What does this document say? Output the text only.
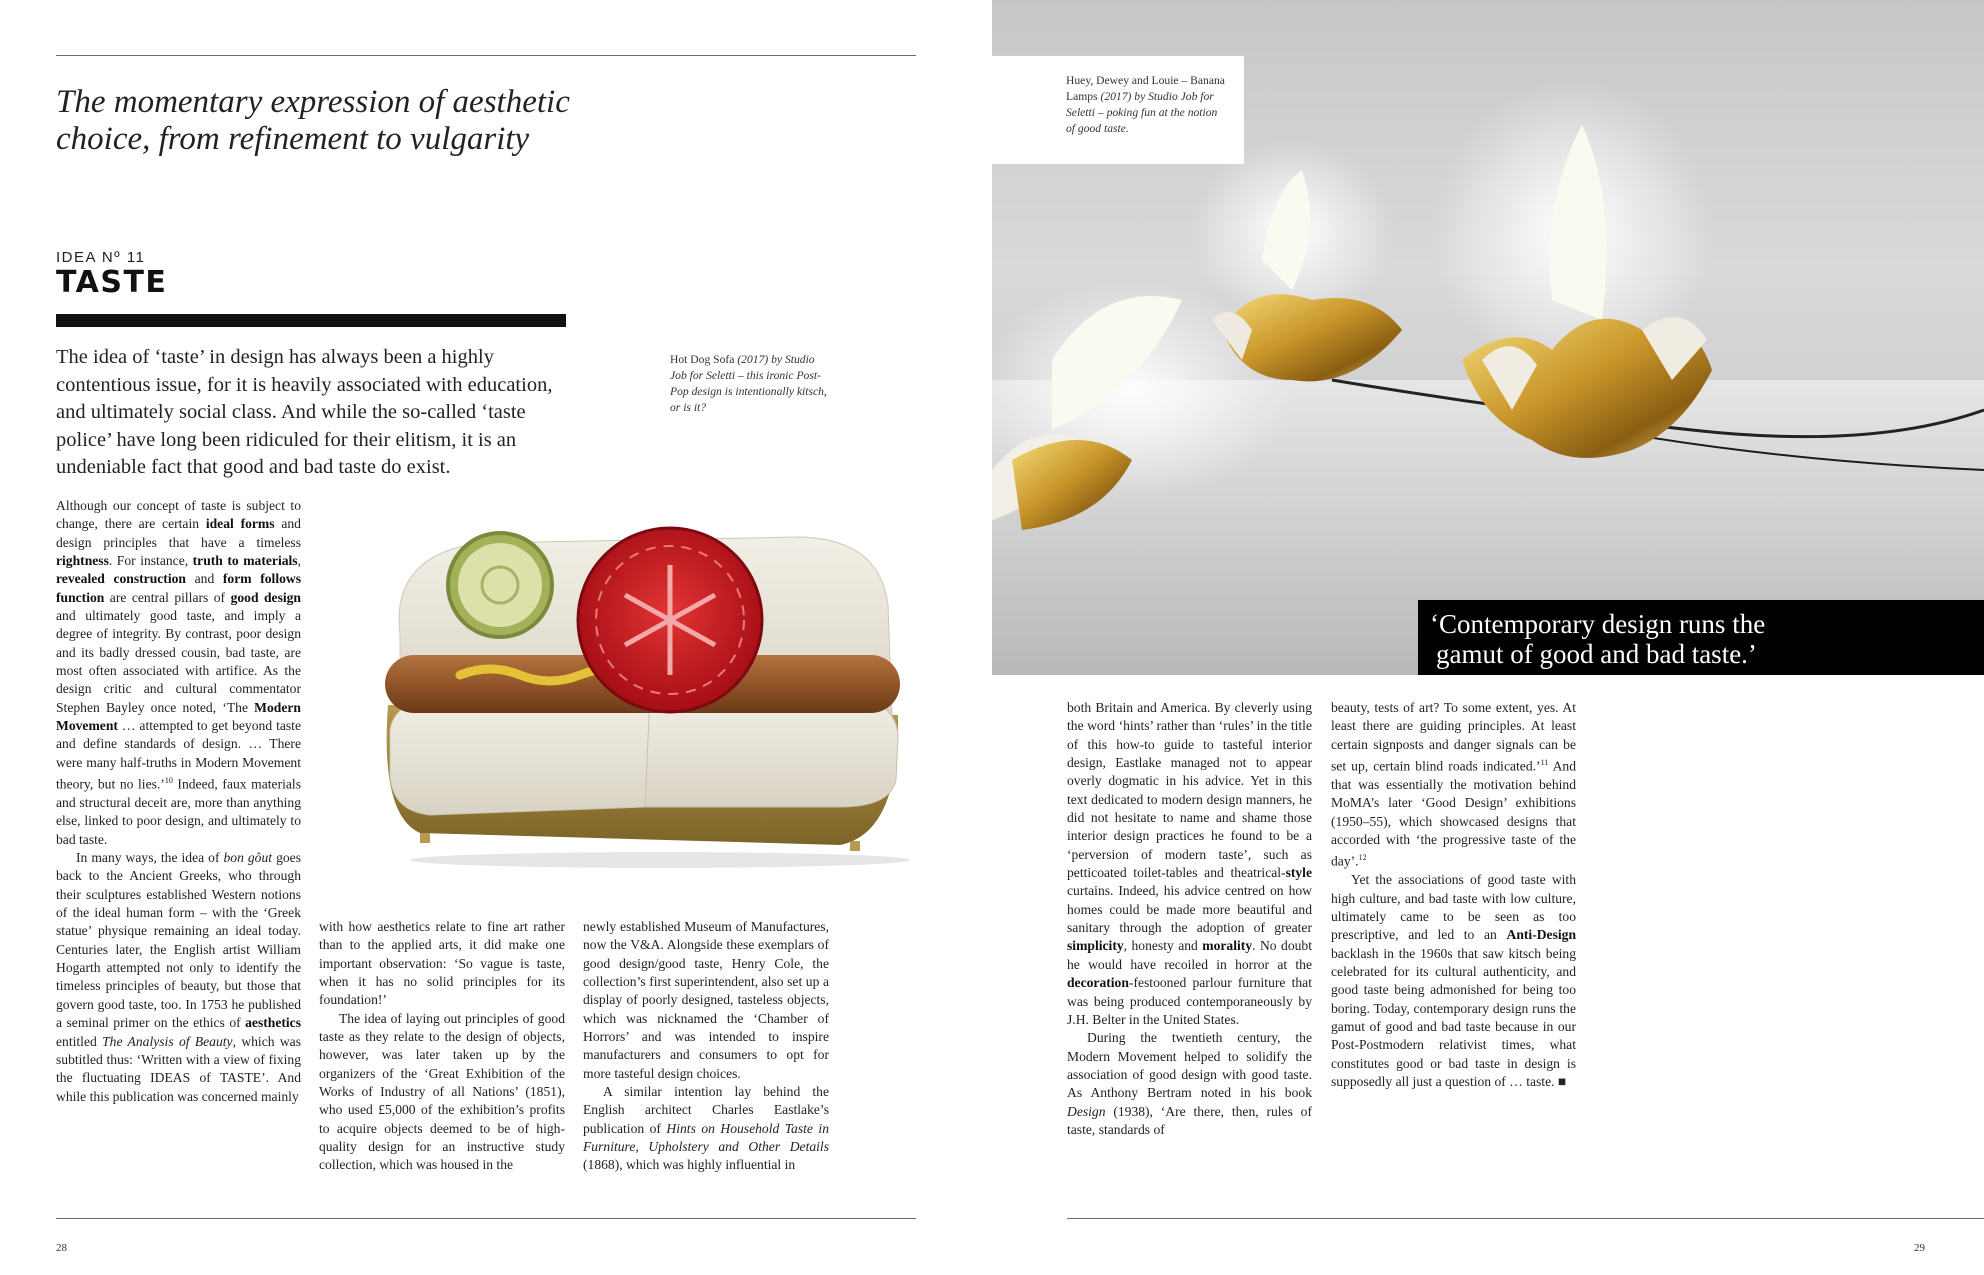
The momentary expression of aesthetic choice, from refinement to vulgarity
IDEA Nº 11
TASTE
The idea of ‘taste’ in design has always been a highly contentious issue, for it is heavily associated with education, and ultimately social class. And while the so-called ‘taste police’ have long been ridiculed for their elitism, it is an undeniable fact that good and bad taste do exist.
Hot Dog Sofa (2017) by Studio Job for Seletti – this ironic Post-Pop design is intentionally kitsch, or is it?

Although our concept of taste is subject to change, there are certain ideal forms and design principles that have a timeless rightness. For instance, truth to materials, revealed construction and form follows function are central pillars of good design and ultimately good taste, and imply a degree of integrity. By contrast, poor design and its badly dressed cousin, bad taste, are most often associated with artifice. As the design critic and cultural commentator Stephen Bayley once noted, ‘The Modern Movement … attempted to get beyond taste and define standards of design. … There were many half-truths in Modern Movement theory, but no lies.’$^{10}$ Indeed, faux materials and structural deceit are, more than anything else, linked to poor design, and ultimately to bad taste.

In many ways, the idea of bon gôut goes back to the Ancient Greeks, who through their sculptures established Western notions of the ideal human form – with the ‘Greek statue’ physique remaining an ideal today. Centuries later, the English artist William Hogarth attempted not only to identify the timeless principles of beauty, but those that govern good taste, too. In 1753 he published a seminal primer on the ethics of aesthetics entitled The Analysis of Beauty, which was subtitled thus: ‘Written with a view of fixing the fluctuating IDEAS of TASTE’. And while this publication was concerned mainly

with how aesthetics relate to fine art rather than to the applied arts, it did make one important observation: ‘So vague is taste, when it has no solid principles for its foundation!’

The idea of laying out principles of good taste as they relate to the design of objects, however, was later taken up by the organizers of the ‘Great Exhibition of the Works of Industry of all Nations’ (1851), who used £5,000 of the exhibition’s profits to acquire objects deemed to be of high-quality design for an instructive study collection, which was housed in the

newly established Museum of Manufactures, now the V&A. Alongside these exemplars of good design/good taste, Henry Cole, the collection’s first superintendent, also set up a display of poorly designed, tasteless objects, which was nicknamed the ‘Chamber of Horrors’ and was intended to inspire manufacturers and consumers to opt for more tasteful design choices.

A similar intention lay behind the English architect Charles Eastlake’s publication of Hints on Household Taste in Furniture, Upholstery and Other Details (1868), which was highly influential in

28
Huey, Dewey and Louie – Banana Lamps (2017) by Studio Job for Seletti – poking fun at the notion of good taste.
‘Contemporary design runs the
gamut of good and bad taste.’

both Britain and America. By cleverly using the word ‘hints’ rather than ‘rules’ in the title of this how-to guide to tasteful interior design, Eastlake managed not to appear overly dogmatic in his advice. Yet in this text dedicated to modern design manners, he did not hesitate to name and shame those interior design practices he found to be a ‘perversion of modern taste’, such as petticoated toilet-tables and theatrical-style curtains. Indeed, his advice centred on how homes could be made more beautiful and sanitary through the adoption of greater simplicity, honesty and morality. No doubt he would have recoiled in horror at the decoration-festooned parlour furniture that was being produced contemporaneously by J.H. Belter in the United States.

During the twentieth century, the Modern Movement helped to solidify the association of good design with good taste. As Anthony Bertram noted in his book Design (1938), ‘Are there, then, rules of taste, standards of

beauty, tests of art? To some extent, yes. At least there are guiding principles. At least certain signposts and danger signals can be set up, certain blind roads indicated.’$^{11}$ And that was essentially the motivation behind MoMA’s later ‘Good Design’ exhibitions (1950–55), which showcased designs that accorded with ‘the progressive taste of the day’.$^{12}$

Yet the associations of good taste with high culture, and bad taste with low culture, ultimately came to be seen as too prescriptive, and led to an Anti-Design backlash in the 1960s that saw kitsch being celebrated for its cultural authenticity, and good taste being admonished for being too boring. Today, contemporary design runs the gamut of good and bad taste because in our Post-Postmodern relativist times, what constitutes good or bad taste in design is supposedly all just a question of … taste. ■

29
